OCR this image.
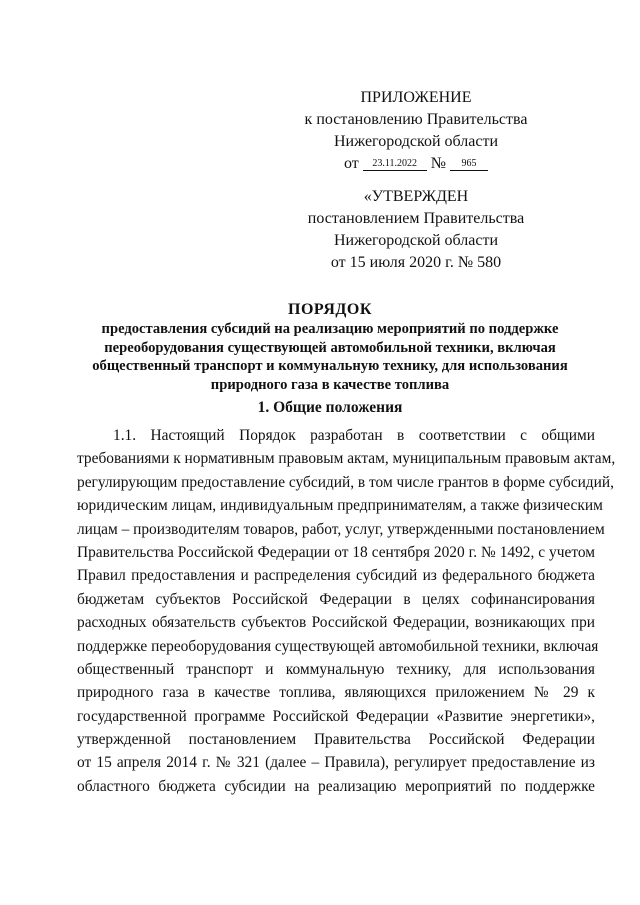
ПРИЛОЖЕНИЕ
к постановлению Правительства
Нижегородской области
от 23.11.2022 № 965
«УТВЕРЖДЕН
постановлением Правительства
Нижегородской области
от 15 июля 2020 г. № 580
ПОРЯДОК
предоставления субсидий на реализацию мероприятий по поддержке
переоборудования существующей автомобильной техники, включая
общественный транспорт и коммунальную технику, для использования
природного газа в качестве топлива
1. Общие положения
1.1. Настоящий Порядок разработан в соответствии с общими
требованиями к нормативным правовым актам, муниципальным правовым актам,
регулирующим предоставление субсидий, в том числе грантов в форме субсидий,
юридическим лицам, индивидуальным предпринимателям, а также физическим
лицам – производителям товаров, работ, услуг, утвержденными постановлением
Правительства Российской Федерации от 18 сентября 2020 г. № 1492, с учетом
Правил предоставления и распределения субсидий из федерального бюджета
бюджетам субъектов Российской Федерации в целях софинансирования
расходных обязательств субъектов Российской Федерации, возникающих при
поддержке переоборудования существующей автомобильной техники, включая
общественный транспорт и коммунальную технику, для использования
природного газа в качестве топлива, являющихся приложением № 29 к
государственной программе Российской Федерации «Развитие энергетики»,
утвержденной постановлением Правительства Российской Федерации
от 15 апреля 2014 г. № 321 (далее – Правила), регулирует предоставление из
областного бюджета субсидии на реализацию мероприятий по поддержке
